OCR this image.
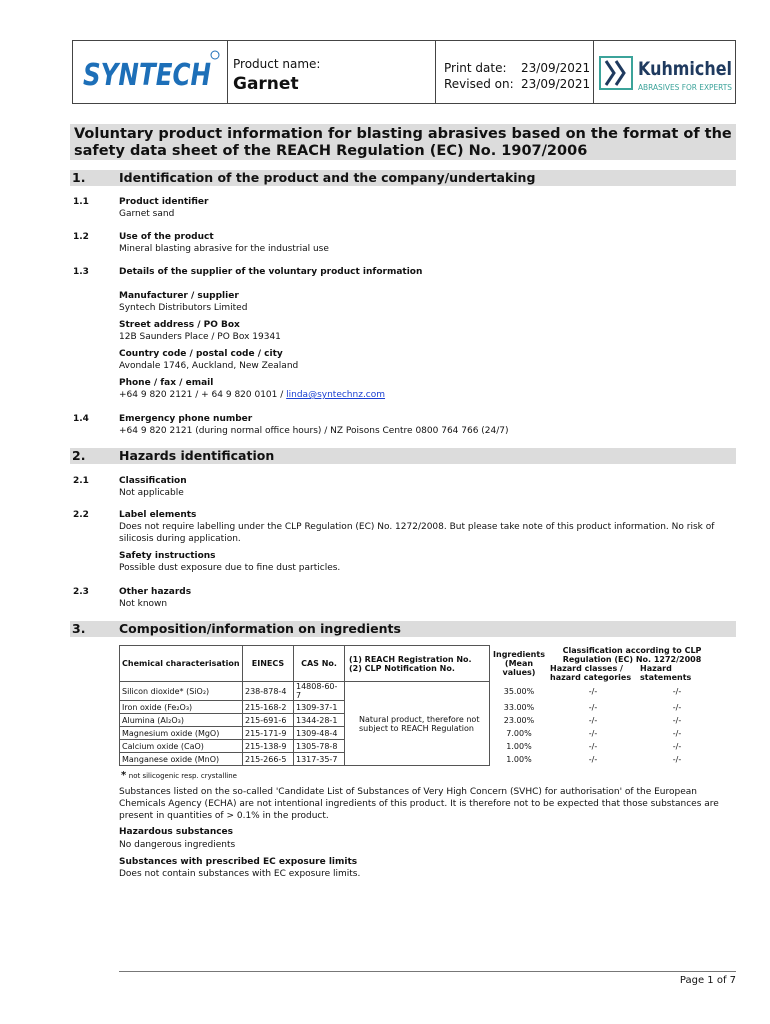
SYNTECH Product name:
Garnet
Print date: 23/09/2021
Revised on: 23/09/2021
Kuhmichel
ABRASIVES FOR EXPERTS
Voluntary product information for blasting abrasives based on the format of the safety data sheet of the REACH Regulation (EC) No. 1907/2006
1.	Identification of the product and the company/undertaking
1.1	Product identifier
Garnet sand
1.2	Use of the product
Mineral blasting abrasive for the industrial use
1.3	Details of the supplier of the voluntary product information
Manufacturer / supplier
Syntech Distributors Limited
Street address / PO Box
12B Saunders Place / PO Box 19341
Country code / postal code / city
Avondale 1746, Auckland, New Zealand
Phone / fax / email
+64 9 820 2121 / + 64 9 820 0101 / linda@syntechnz.com
1.4	Emergency phone number
+64 9 820 2121 (during normal office hours) / NZ Poisons Centre 0800 764 766 (24/7)
2.	Hazards identification
2.1	Classification
Not applicable
2.2	Label elements
Does not require labelling under the CLP Regulation (EC) No. 1272/2008. But please take note of this product information. No risk of silicosis during application.
Safety instructions
Possible dust exposure due to fine dust particles.
2.3	Other hazards
Not known
3.	Composition/information on ingredients
Chemical characterisation	EINECS	CAS No.	(1) REACH Registration No. (2) CLP Notification No.	Ingredients (Mean values)	Classification according to CLP Regulation (EC) No. 1272/2008	

					Hazard classes / hazard categories	Hazard statements
Silicon dioxide* (SiO₂)	238-878-4	14808-60-7	Natural product, therefore not subject to REACH Regulation	35.00%	-/-	-/-
Iron oxide (Fe₂O₃)	215-168-2	1309-37-1		33.00%	-/-	-/-
Alumina (Al₂O₃)	215-691-6	1344-28-1		23.00%	-/-	-/-
Magnesium oxide (MgO)	215-171-9	1309-48-4		7.00%	-/-	-/-
Calcium oxide (CaO)	215-138-9	1305-78-8		1.00%	-/-	-/-
Manganese oxide (MnO)	215-266-5	1317-35-7		1.00%	-/-	-/-
* not silicogenic resp. crystalline
Substances listed on the so-called 'Candidate List of Substances of Very High Concern (SVHC) for authorisation' of the European Chemicals Agency (ECHA) are not intentional ingredients of this product. It is therefore not to be expected that those substances are present in quantities of > 0.1% in the product.
Hazardous substances
No dangerous ingredients
Substances with prescribed EC exposure limits
Does not contain substances with EC exposure limits.
Page 1 of 7
